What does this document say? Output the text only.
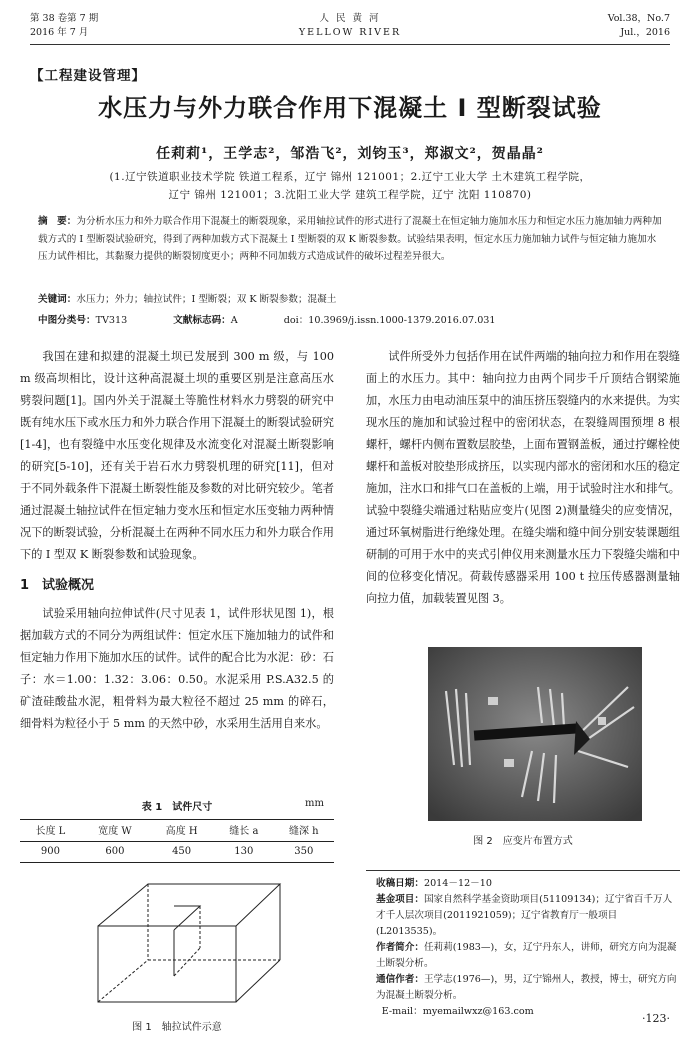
第 38 卷第 7 期
2016 年 7 月
人 民 黄 河
YELLOW RIVER
Vol.38，No.7
Jul.，2016
【工程建设管理】
水压力与外力联合作用下混凝土 I 型断裂试验
任莉莉¹，王学志²，邹浩飞²，刘钧玉³，郑淑文²，贺晶晶²
(1.辽宁铁道职业技术学院 铁道工程系，辽宁 锦州 121001；2.辽宁工业大学 土木建筑工程学院，
辽宁 锦州 121001；3.沈阳工业大学 建筑工程学院，辽宁 沈阳 110870)
摘　要：为分析水压力和外力联合作用下混凝土的断裂现象，采用轴拉试件的形式进行了混凝土在恒定轴力施加水压力和恒定水压力施加轴力两种加载方式的 I 型断裂试验研究，得到了两种加载方式下混凝土 I 型断裂的双 K 断裂参数。试验结果表明，恒定水压力施加轴力试件与恒定轴力施加水压力试件相比，其黏聚力提供的断裂韧度更小；两种不同加载方式造成试件的破坏过程差异很大。
关键词：水压力；外力；轴拉试件；I 型断裂；双 K 断裂参数；混凝土
中图分类号：TV313	文献标志码：A	doi：10.3969/j.issn.1000-1379.2016.07.031

我国在建和拟建的混凝土坝已发展到 300 m 级，与 100 m 级高坝相比，设计这种高混凝土坝的重要区别是注意高压水劈裂问题[1]。国内外关于混凝土等脆性材料水力劈裂的研究中既有纯水压下或水压力和外力联合作用下混凝土的断裂试验研究[1-4]，也有裂缝中水压变化规律及水流变化对混凝土断裂影响的研究[5-10]，还有关于岩石水力劈裂机理的研究[11]，但对于不同外载条件下混凝土断裂性能及参数的对比研究较少。笔者通过混凝土轴拉试件在恒定轴力变水压和恒定水压变轴力两种情况下的断裂试验，分析混凝土在两种不同水压力和外力联合作用下的 I 型双 K 断裂参数和试验现象。

1　试验概况

试验采用轴向拉伸试件(尺寸见表 1，试件形状见图 1)，根据加载方式的不同分为两组试件：恒定水压下施加轴力的试件和恒定轴力作用下施加水压的试件。试件的配合比为水泥：砂：石子：水＝1.00：1.32：3.06：0.50。水泥采用 P.S.A32.5 的矿渣硅酸盐水泥，粗骨料为最大粒径不超过 25 mm 的碎石，细骨料为粒径小于 5 mm 的天然中砂，水采用生活用自来水。

表 1　试件尺寸	mm
长度 L	宽度 W	高度 H	缝长 a	缝深 h
900	600	450	130	350
图 1　轴拉试件示意

试件所受外力包括作用在试件两端的轴向拉力和作用在裂缝面上的水压力。其中：轴向拉力由两个同步千斤顶结合钢梁施加，水压力由电动油压泵中的油压挤压裂缝内的水来提供。为实现水压的施加和试验过程中的密闭状态，在裂缝周围预埋 8 根螺杆，螺杆内侧布置数层胶垫，上面布置钢盖板，通过拧螺栓使螺杆和盖板对胶垫形成挤压，以实现内部水的密闭和水压的稳定施加，注水口和排气口在盖板的上端，用于试验时注水和排气。试验中裂缝尖端通过粘贴应变片(见图 2)测量缝尖的应变情况，通过环氧树脂进行绝缘处理。在缝尖端和缝中间分别安装课题组研制的可用于水中的夹式引伸仪用来测量水压力下裂缝尖端和中间的位移变化情况。荷载传感器采用 100 t 拉压传感器测量轴向拉力值，加载装置见图 3。

图 2　应变片布置方式

收稿日期：2014－12－10

基金项目：国家自然科学基金资助项目(51109134)；辽宁省百千万人才千人层次项目(2011921059)；辽宁省教育厅一般项目(L2013535)。

作者简介：任莉莉(1983—)，女，辽宁丹东人，讲师，研究方向为混凝土断裂分析。

通信作者：王学志(1976—)，男，辽宁锦州人，教授，博士，研究方向为混凝土断裂分析。

E-mail：myemailwxz@163.com

·123·
